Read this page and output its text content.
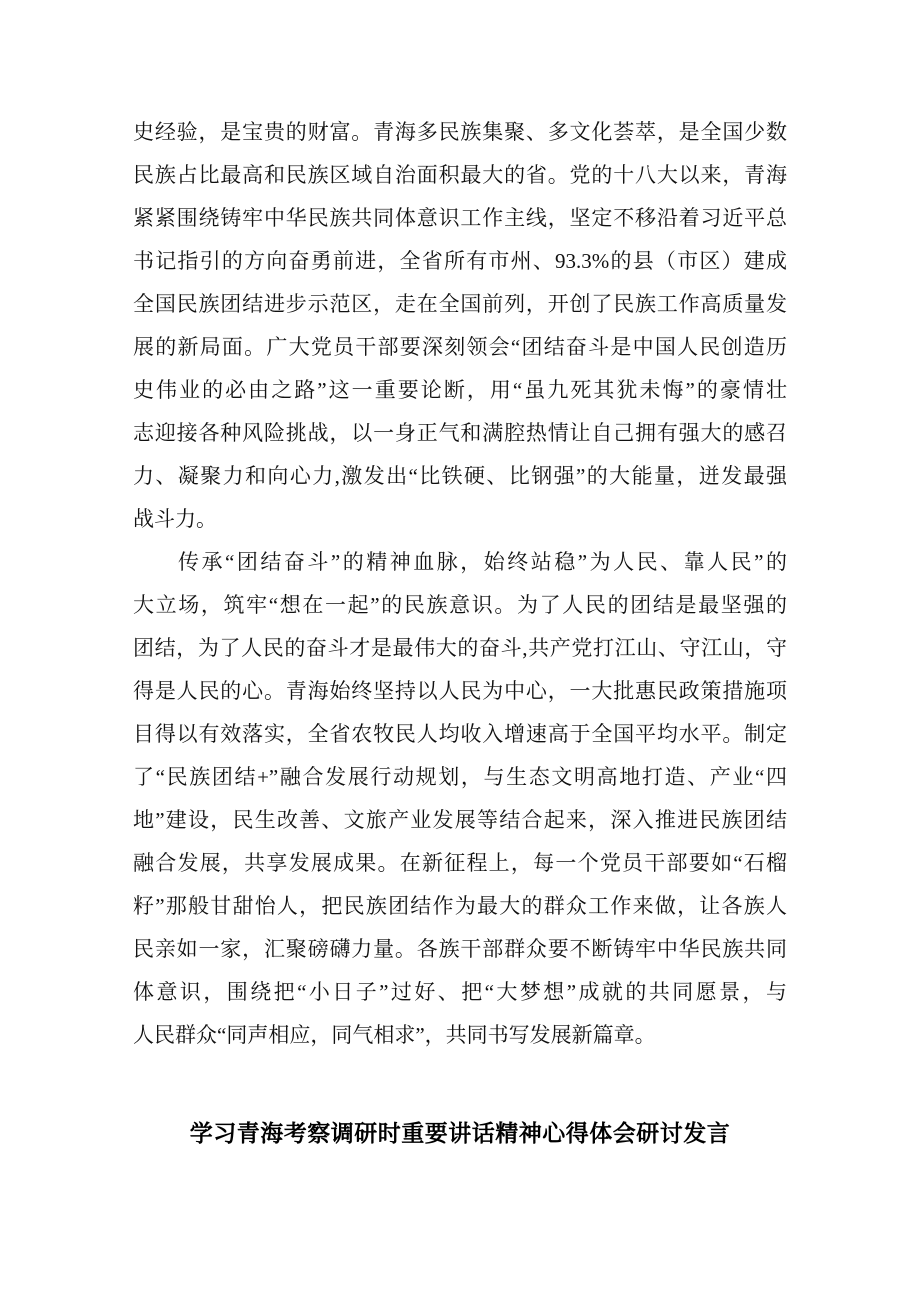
史经验，是宝贵的财富。青海多民族集聚、多文化荟萃，是全国少数
民族占比最高和民族区域自治面积最大的省。党的十八大以来，青海
紧紧围绕铸牢中华民族共同体意识工作主线，坚定不移沿着习近平总
书记指引的方向奋勇前进，全省所有市州、93.3%的县（市区）建成
全国民族团结进步示范区，走在全国前列，开创了民族工作高质量发
展的新局面。广大党员干部要深刻领会“团结奋斗是中国人民创造历
史伟业的必由之路”这一重要论断，用“虽九死其犹未悔”的豪情壮
志迎接各种风险挑战，以一身正气和满腔热情让自己拥有强大的感召
力、凝聚力和向心力,激发出“比铁硬、比钢强”的大能量，迸发最强
战斗力。
传承“团结奋斗”的精神血脉，始终站稳”为人民、靠人民”的
大立场，筑牢“想在一起”的民族意识。为了人民的团结是最坚强的
团结，为了人民的奋斗才是最伟大的奋斗,共产党打江山、守江山，守
得是人民的心。青海始终坚持以人民为中心，一大批惠民政策措施项
目得以有效落实，全省农牧民人均收入增速高于全国平均水平。制定
了“民族团结+”融合发展行动规划，与生态文明高地打造、产业“四
地”建设，民生改善、文旅产业发展等结合起来，深入推进民族团结
融合发展，共享发展成果。在新征程上，每一个党员干部要如“石榴
籽”那般甘甜怡人，把民族团结作为最大的群众工作来做，让各族人
民亲如一家，汇聚磅礴力量。各族干部群众要不断铸牢中华民族共同
体意识，围绕把“小日子”过好、把“大梦想”成就的共同愿景，与
人民群众“同声相应，同气相求”，共同书写发展新篇章。
学习青海考察调研时重要讲话精神心得体会研讨发言
